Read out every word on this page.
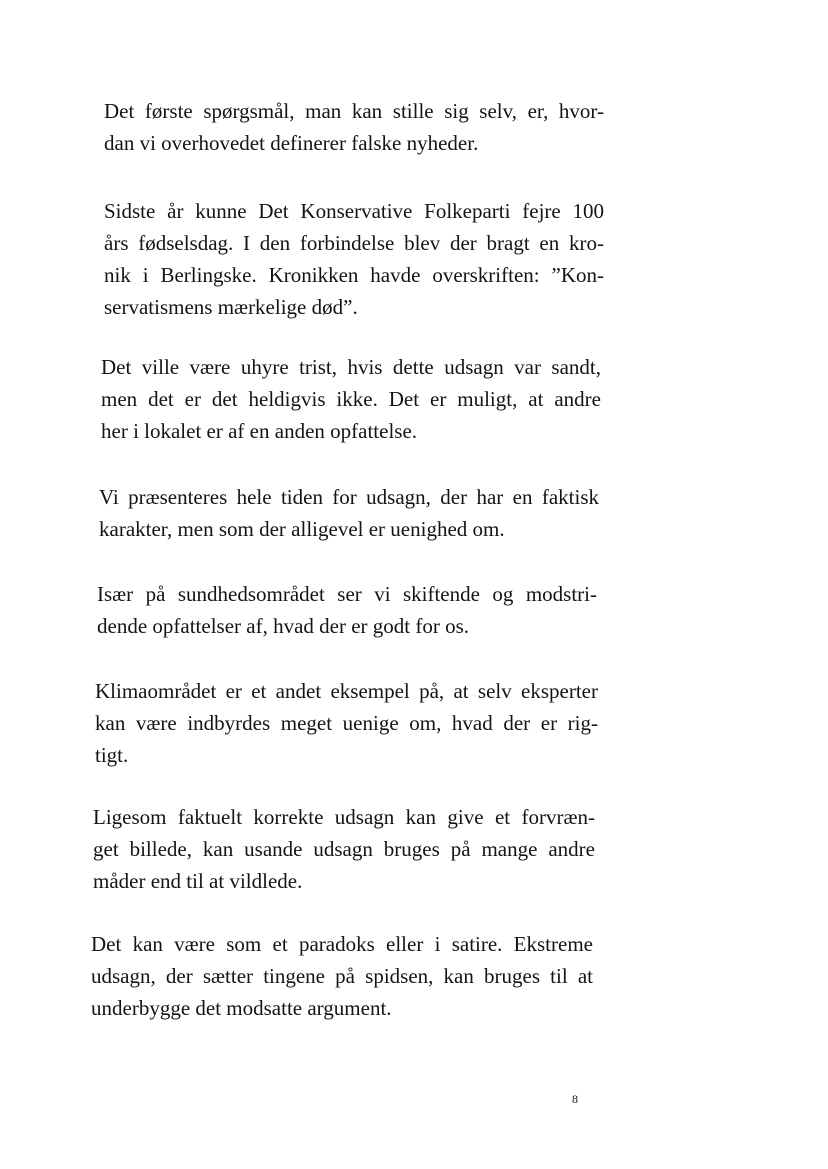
Det første spørgsmål, man kan stille sig selv, er, hvor-
dan vi overhovedet definerer falske nyheder.

Sidste år kunne Det Konservative Folkeparti fejre 100
års fødselsdag. I den forbindelse blev der bragt en kro-
nik i Berlingske. Kronikken havde overskriften: ”Kon-
servatismens mærkelige død”.

Det ville være uhyre trist, hvis dette udsagn var sandt,
men det er det heldigvis ikke. Det er muligt, at andre
her i lokalet er af en anden opfattelse.

Vi præsenteres hele tiden for udsagn, der har en faktisk
karakter, men som der alligevel er uenighed om.

Især på sundhedsområdet ser vi skiftende og modstri-
dende opfattelser af, hvad der er godt for os.

Klimaområdet er et andet eksempel på, at selv eksperter
kan være indbyrdes meget uenige om, hvad der er rig-
tigt.

Ligesom faktuelt korrekte udsagn kan give et forvræn-
get billede, kan usande udsagn bruges på mange andre
måder end til at vildlede.

Det kan være som et paradoks eller i satire. Ekstreme
udsagn, der sætter tingene på spidsen, kan bruges til at
underbygge det modsatte argument.

8
